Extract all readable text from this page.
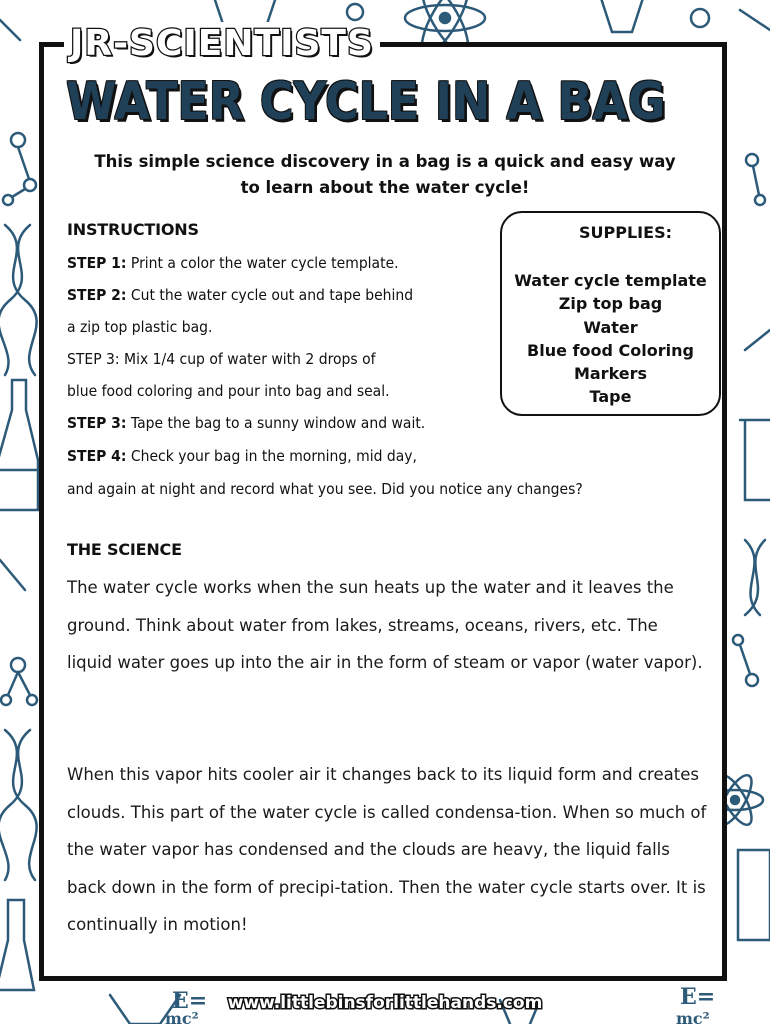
E=
mc²
E=
mc²
JR-SCIENTISTS
WATER CYCLE IN A BAG
This simple science discovery in a bag is a quick and easy way
to learn about the water cycle!
INSTRUCTIONS
STEP 1: Print a color the water cycle template.
STEP 2: Cut the water cycle out and tape behind
a zip top plastic bag.
STEP 3: Mix 1/4 cup of water with 2 drops of
blue food coloring and pour into bag and seal.
STEP 3: Tape the bag to a sunny window and wait.
STEP 4: Check your bag in the morning, mid day,
and again at night and record what you see. Did you notice any changes?
SUPPLIES:
Water cycle template
Zip top bag
Water
Blue food Coloring
Markers
Tape
THE SCIENCE
The water cycle works when the sun heats up the water and it leaves the ground. Think about water from lakes, streams, oceans, rivers, etc. The liquid water goes up into the air in the form of steam or vapor (water vapor).
When this vapor hits cooler air it changes back to its liquid form and creates clouds. This part of the water cycle is called condensa-tion. When so much of the water vapor has condensed and the clouds are heavy, the liquid falls back down in the form of precipi-tation. Then the water cycle starts over. It is continually in motion!
www.littlebinsforlittlehands.com
